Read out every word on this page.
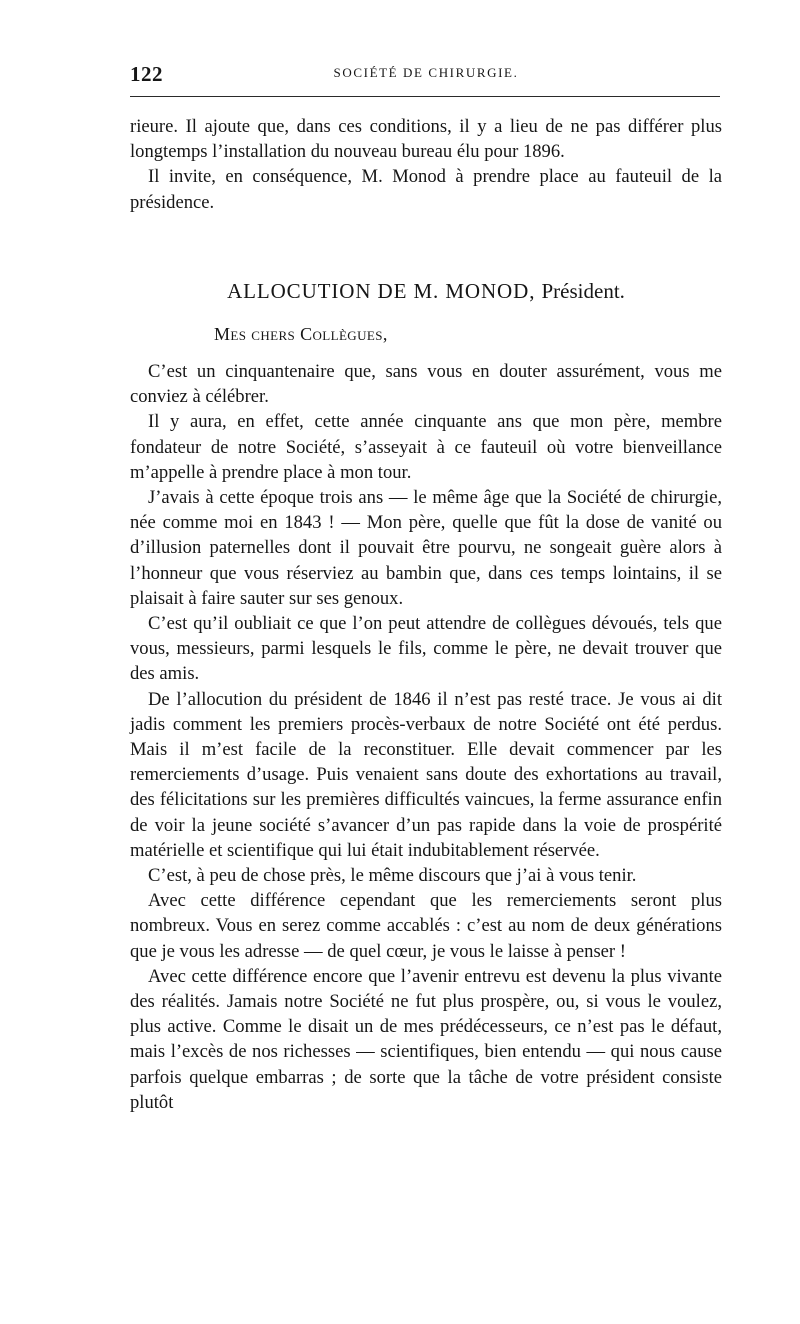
122	SOCIÉTÉ DE CHIRURGIE.

rieure. Il ajoute que, dans ces conditions, il y a lieu de ne pas différer plus longtemps l’installation du nouveau bureau élu pour 1896.

Il invite, en conséquence, M. Monod à prendre place au fauteuil de la présidence.

ALLOCUTION DE M. MONOD, Président.
Mes chers Collègues,

C’est un cinquantenaire que, sans vous en douter assurément, vous me conviez à célébrer.

Il y aura, en effet, cette année cinquante ans que mon père, membre fondateur de notre Société, s’asseyait à ce fauteuil où votre bienveillance m’appelle à prendre place à mon tour.

J’avais à cette époque trois ans — le même âge que la Société de chirurgie, née comme moi en 1843 ! — Mon père, quelle que fût la dose de vanité ou d’illusion paternelles dont il pouvait être pourvu, ne songeait guère alors à l’honneur que vous réserviez au bambin que, dans ces temps lointains, il se plaisait à faire sauter sur ses genoux.

C’est qu’il oubliait ce que l’on peut attendre de collègues dévoués, tels que vous, messieurs, parmi lesquels le fils, comme le père, ne devait trouver que des amis.

De l’allocution du président de 1846 il n’est pas resté trace. Je vous ai dit jadis comment les premiers procès-verbaux de notre Société ont été perdus. Mais il m’est facile de la reconstituer. Elle devait commencer par les remerciements d’usage. Puis venaient sans doute des exhortations au travail, des félicitations sur les premières difficultés vaincues, la ferme assurance enfin de voir la jeune société s’avancer d’un pas rapide dans la voie de prospérité matérielle et scientifique qui lui était indubitablement réservée.

C’est, à peu de chose près, le même discours que j’ai à vous tenir.

Avec cette différence cependant que les remerciements seront plus nombreux. Vous en serez comme accablés : c’est au nom de deux générations que je vous les adresse — de quel cœur, je vous le laisse à penser !

Avec cette différence encore que l’avenir entrevu est devenu la plus vivante des réalités. Jamais notre Société ne fut plus prospère, ou, si vous le voulez, plus active. Comme le disait un de mes prédécesseurs, ce n’est pas le défaut, mais l’excès de nos richesses — scientifiques, bien entendu — qui nous cause parfois quelque embarras ; de sorte que la tâche de votre président consiste plutôt
